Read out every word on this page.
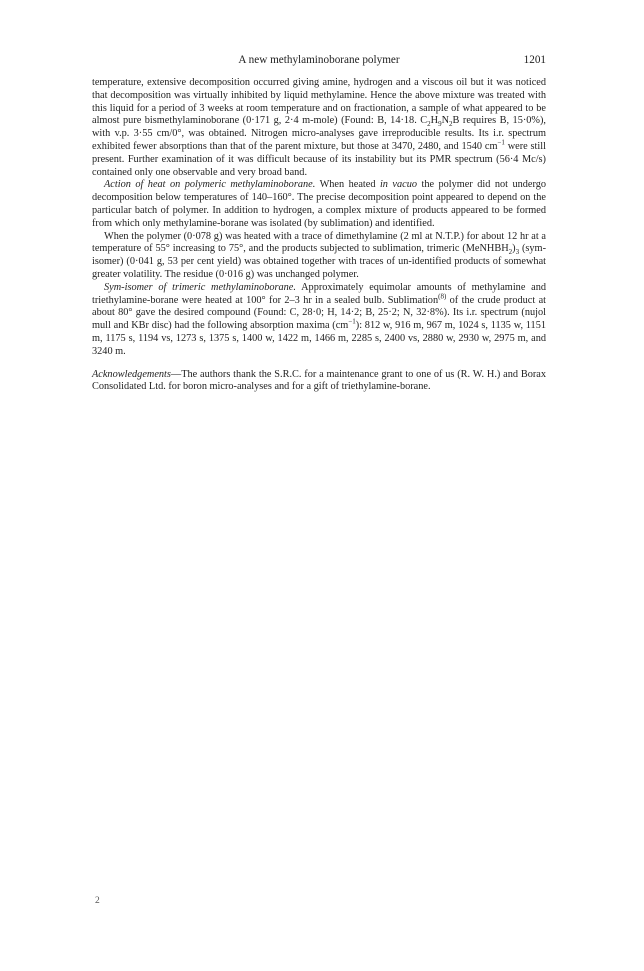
A new methylaminoborane polymer	1201

temperature, extensive decomposition occurred giving amine, hydrogen and a viscous oil but it was noticed that decomposition was virtually inhibited by liquid methylamine. Hence the above mixture was treated with this liquid for a period of 3 weeks at room temperature and on fractionation, a sample of what appeared to be almost pure bismethylaminoborane (0·171 g, 2·4 m-mole) (Found: B, 14·18. $C_2H_9N_2B$ requires B, 15·0%), with v.p. 3·55 cm/0°, was obtained. Nitrogen micro-analyses gave irreproducible results. Its i.r. spectrum exhibited fewer absorptions than that of the parent mixture, but those at 3470, 2480, and 1540 $cm^{-1}$ were still present. Further examination of it was difficult because of its instability but its PMR spectrum (56·4 Mc/s) contained only one observable and very broad band.

Action of heat on polymeric methylaminoborane. When heated in vacuo the polymer did not undergo decomposition below temperatures of 140–160°. The precise decomposition point appeared to depend on the particular batch of polymer. In addition to hydrogen, a complex mixture of products appeared to be formed from which only methylamine-borane was isolated (by sublimation) and identified.

When the polymer (0·078 g) was heated with a trace of dimethylamine (2 ml at N.T.P.) for about 12 hr at a temperature of 55° increasing to 75°, and the products subjected to sublimation, trimeric $(MeNHBH_2)_3$ (sym-isomer) (0·041 g, 53 per cent yield) was obtained together with traces of un-identified products of somewhat greater volatility. The residue (0·016 g) was unchanged polymer.

Sym-isomer of trimeric methylaminoborane. Approximately equimolar amounts of methylamine and triethylamine-borane were heated at 100° for 2–3 hr in a sealed bulb. Sublimation$^{(8)}$ of the crude product at about 80° gave the desired compound (Found: C, 28·0; H, 14·2; B, 25·2; N, 32·8%). Its i.r. spectrum (nujol mull and KBr disc) had the following absorption maxima $(cm^{-1})$: 812 w, 916 m, 967 m, 1024 s, 1135 w, 1151 m, 1175 s, 1194 vs, 1273 s, 1375 s, 1400 w, 1422 m, 1466 m, 2285 s, 2400 vs, 2880 w, 2930 w, 2975 m, and 3240 m.

Acknowledgements—The authors thank the S.R.C. for a maintenance grant to one of us (R. W. H.) and Borax Consolidated Ltd. for boron micro-analyses and for a gift of triethylamine-borane.

2
